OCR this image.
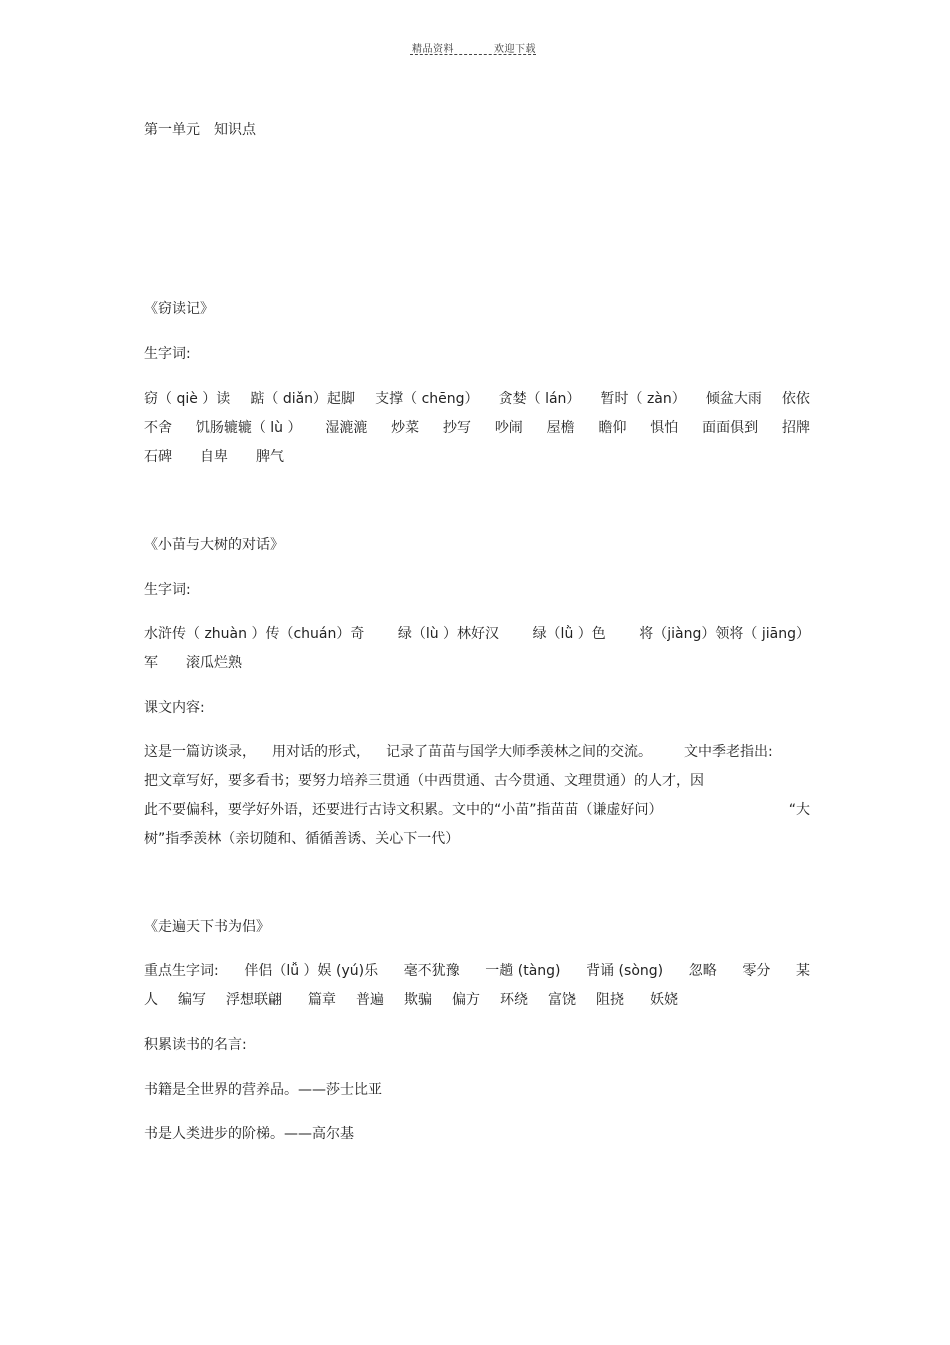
精品资料	欢迎下载

第一单元　知识点

《窃读记》

生字词:

窃（ qiè ）读 踮（ diǎn）起脚 支撑（ chēng） 贪婪（ lán） 暂时（ zàn） 倾盆大雨 依依
不舍 饥肠辘辘（ lù ） 湿漉漉 炒菜 抄写 吵闹 屋檐 瞻仰 惧怕 面面俱到 招牌
石碑 自卑 脾气

《小苗与大树的对话》

生字词:

水浒传（ zhuàn ）传（chuán）奇 绿（lù ）林好汉 绿（lǜ ）色 将（jiàng）领将（ jiāng）
军 滚瓜烂熟

课文内容:

这是一篇访谈录， 用对话的形式， 记录了苗苗与国学大师季羡林之间的交流。 文中季老指出:
把文章写好，要多看书；要努力培养三贯通（中西贯通、古今贯通、文理贯通）的人才，因
此不要偏科，要学好外语，还要进行古诗文积累。文中的“小苗”指苗苗（谦虚好问）	“大
树”指季羡林（亲切随和、循循善诱、关心下一代）

《走遍天下书为侣》

重点生字词: 伴侣（lǚ ）娱 (yú)乐 毫不犹豫 一趟 (tàng) 背诵 (sòng) 忽略 零分 某
人 编写 浮想联翩 篇章 普遍 欺骗 偏方 环绕 富饶 阻挠 妖娆

积累读书的名言:

书籍是全世界的营养品。——莎士比亚

书是人类进步的阶梯。——高尔基
